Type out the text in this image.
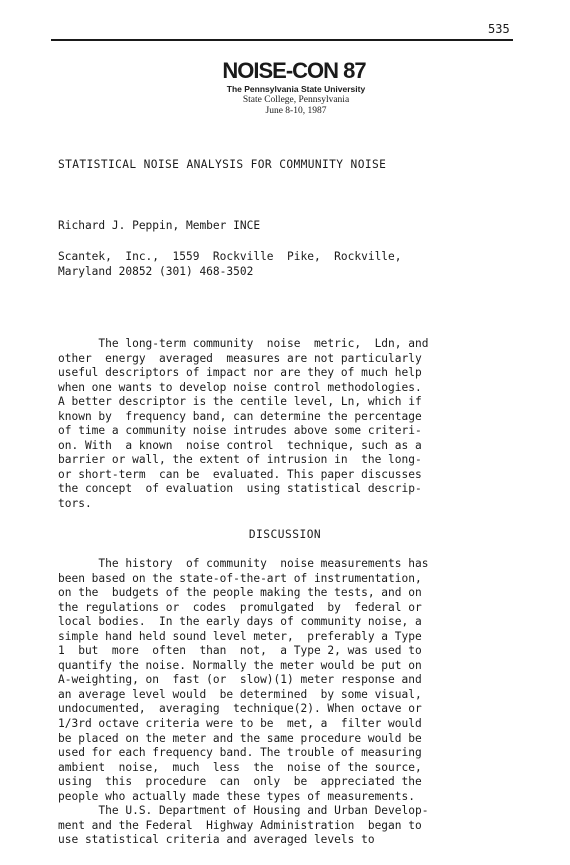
535
NOISE-CON 87
The Pennsylvania State University
State College, Pennsylvania
June 8-10, 1987
STATISTICAL NOISE ANALYSIS FOR COMMUNITY NOISE
Richard J. Peppin, Member INCE
Scantek,  Inc.,  1559  Rockville  Pike,  Rockville,
Maryland 20852 (301) 468-3502
The long-term community  noise  metric,  Ldn, and
other  energy  averaged  measures are not particularly
useful descriptors of impact nor are they of much help
when one wants to develop noise control methodologies.
A better descriptor is the centile level, Ln, which if
known by  frequency band, can determine the percentage
of time a community noise intrudes above some criteri-
on. With  a known  noise control  technique, such as a
barrier or wall, the extent of intrusion in  the long-
or short-term  can be  evaluated. This paper discusses
the concept  of evaluation  using statistical descrip-
tors.
DISCUSSION
The history  of community  noise measurements has
been based on the state-of-the-art of instrumentation,
on the  budgets of the people making the tests, and on
the regulations or  codes  promulgated  by  federal or
local bodies.  In the early days of community noise, a
simple hand held sound level meter,  preferably a Type
1  but  more  often  than  not,  a Type 2, was used to
quantify the noise. Normally the meter would be put on
A-weighting, on  fast (or  slow)(1) meter response and
an average level would  be determined  by some visual,
undocumented,  averaging  technique(2). When octave or
1/3rd octave criteria were to be  met, a  filter would
be placed on the meter and the same procedure would be
used for each frequency band. The trouble of measuring
ambient  noise,  much  less  the  noise of the source,
using  this  procedure  can  only  be  appreciated the
people who actually made these types of measurements.
The U.S. Department of Housing and Urban Develop-
ment and the Federal  Highway Administration  began to
use statistical criteria and averaged levels to
